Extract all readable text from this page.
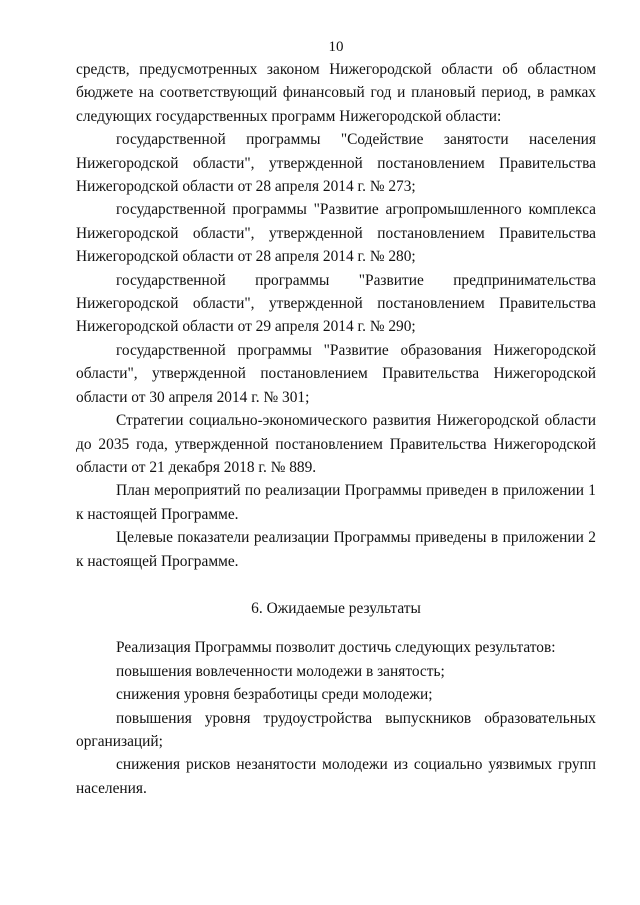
10

средств, предусмотренных законом Нижегородской области об областном бюджете на соответствующий финансовый год и плановый период, в рамках следующих государственных программ Нижегородской области:

государственной программы "Содействие занятости населения Нижегородской области", утвержденной постановлением Правительства Нижегородской области от 28 апреля 2014 г. № 273;

государственной программы "Развитие агропромышленного комплекса Нижегородской области", утвержденной постановлением Правительства Нижегородской области от 28 апреля 2014 г. № 280;

государственной программы "Развитие предпринимательства Нижегородской области", утвержденной постановлением Правительства Нижегородской области от 29 апреля 2014 г. № 290;

государственной программы "Развитие образования Нижегородской области", утвержденной постановлением Правительства Нижегородской области от 30 апреля 2014 г. № 301;

Стратегии социально-экономического развития Нижегородской области до 2035 года, утвержденной постановлением Правительства Нижегородской области от 21 декабря 2018 г. № 889.

План мероприятий по реализации Программы приведен в приложении 1 к настоящей Программе.

Целевые показатели реализации Программы приведены в приложении 2 к настоящей Программе.

6. Ожидаемые результаты

Реализация Программы позволит достичь следующих результатов:

повышения вовлеченности молодежи в занятость;

снижения уровня безработицы среди молодежи;

повышения уровня трудоустройства выпускников образовательных организаций;

снижения рисков незанятости молодежи из социально уязвимых групп населения.
